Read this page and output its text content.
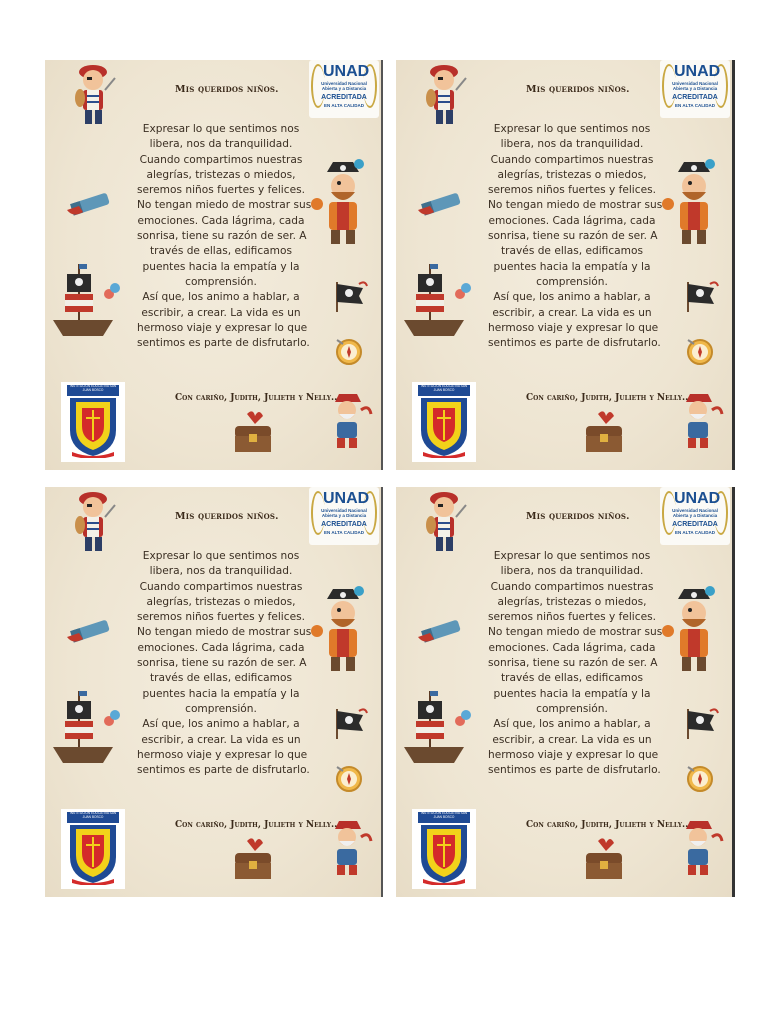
UNAD
Universidad Nacional
Abierta y a Distancia
ACREDITADA
EN ALTA CALIDAD
Mis queridos niños.
Expresar lo que sentimos nos
libera, nos da tranquilidad.
Cuando compartimos nuestras
alegrías, tristezas o miedos,
seremos niños fuertes y felices.
No tengan miedo de mostrar sus
emociones. Cada lágrima, cada
sonrisa, tiene su razón de ser. A
través de ellas, edificamos
puentes hacia la empatía y la
comprensión.
Así que, los animo a hablar, a
escribir, a crear. La vida es un
hermoso viaje y expresar lo que
sentimos es parte de disfrutarlo.
Con cariño, Judith, Julieth y Nelly..
INSTITUCION EDUCATIVA SAN JUAN BOSCO
UNAD
Universidad Nacional
Abierta y a Distancia
ACREDITADA
EN ALTA CALIDAD
Mis queridos niños.
Expresar lo que sentimos nos
libera, nos da tranquilidad.
Cuando compartimos nuestras
alegrías, tristezas o miedos,
seremos niños fuertes y felices.
No tengan miedo de mostrar sus
emociones. Cada lágrima, cada
sonrisa, tiene su razón de ser. A
través de ellas, edificamos
puentes hacia la empatía y la
comprensión.
Así que, los animo a hablar, a
escribir, a crear. La vida es un
hermoso viaje y expresar lo que
sentimos es parte de disfrutarlo.
Con cariño, Judith, Julieth y Nelly..
INSTITUCION EDUCATIVA SAN JUAN BOSCO
UNAD
Universidad Nacional
Abierta y a Distancia
ACREDITADA
EN ALTA CALIDAD
Mis queridos niños.
Expresar lo que sentimos nos
libera, nos da tranquilidad.
Cuando compartimos nuestras
alegrías, tristezas o miedos,
seremos niños fuertes y felices.
No tengan miedo de mostrar sus
emociones. Cada lágrima, cada
sonrisa, tiene su razón de ser. A
través de ellas, edificamos
puentes hacia la empatía y la
comprensión.
Así que, los animo a hablar, a
escribir, a crear. La vida es un
hermoso viaje y expresar lo que
sentimos es parte de disfrutarlo.
Con cariño, Judith, Julieth y Nelly..
INSTITUCION EDUCATIVA SAN JUAN BOSCO
UNAD
Universidad Nacional
Abierta y a Distancia
ACREDITADA
EN ALTA CALIDAD
Mis queridos niños.
Expresar lo que sentimos nos
libera, nos da tranquilidad.
Cuando compartimos nuestras
alegrías, tristezas o miedos,
seremos niños fuertes y felices.
No tengan miedo de mostrar sus
emociones. Cada lágrima, cada
sonrisa, tiene su razón de ser. A
través de ellas, edificamos
puentes hacia la empatía y la
comprensión.
Así que, los animo a hablar, a
escribir, a crear. La vida es un
hermoso viaje y expresar lo que
sentimos es parte de disfrutarlo.
Con cariño, Judith, Julieth y Nelly..
INSTITUCION EDUCATIVA SAN JUAN BOSCO
